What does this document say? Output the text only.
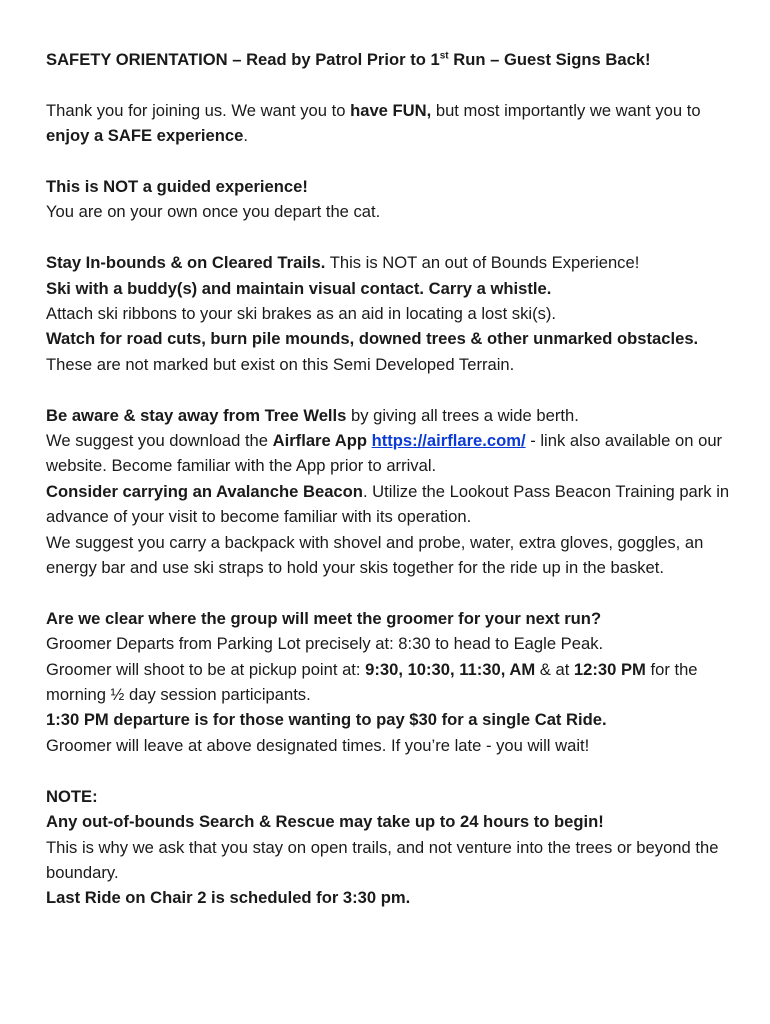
SAFETY ORIENTATION – Read by Patrol Prior to 1st Run – Guest Signs Back!

Thank you for joining us. We want you to have FUN, but most importantly we want you to enjoy a SAFE experience.

This is NOT a guided experience!

You are on your own once you depart the cat.

Stay In-bounds & on Cleared Trails. This is NOT an out of Bounds Experience!

Ski with a buddy(s) and maintain visual contact. Carry a whistle.

Attach ski ribbons to your ski brakes as an aid in locating a lost ski(s).

Watch for road cuts, burn pile mounds, downed trees & other unmarked obstacles. These are not marked but exist on this Semi Developed Terrain.

Be aware & stay away from Tree Wells by giving all trees a wide berth.

We suggest you download the Airflare App https://airflare.com/ - link also available on our website. Become familiar with the App prior to arrival.

Consider carrying an Avalanche Beacon. Utilize the Lookout Pass Beacon Training park in advance of your visit to become familiar with its operation.

We suggest you carry a backpack with shovel and probe, water, extra gloves, goggles, an energy bar and use ski straps to hold your skis together for the ride up in the basket.

Are we clear where the group will meet the groomer for your next run?

Groomer Departs from Parking Lot precisely at: 8:30 to head to Eagle Peak.

Groomer will shoot to be at pickup point at: 9:30, 10:30, 11:30, AM & at 12:30 PM for the morning ½ day session participants.

1:30 PM departure is for those wanting to pay $30 for a single Cat Ride.

Groomer will leave at above designated times. If you’re late - you will wait!

NOTE:

Any out-of-bounds Search & Rescue may take up to 24 hours to begin!

This is why we ask that you stay on open trails, and not venture into the trees or beyond the boundary.

Last Ride on Chair 2 is scheduled for 3:30 pm.
